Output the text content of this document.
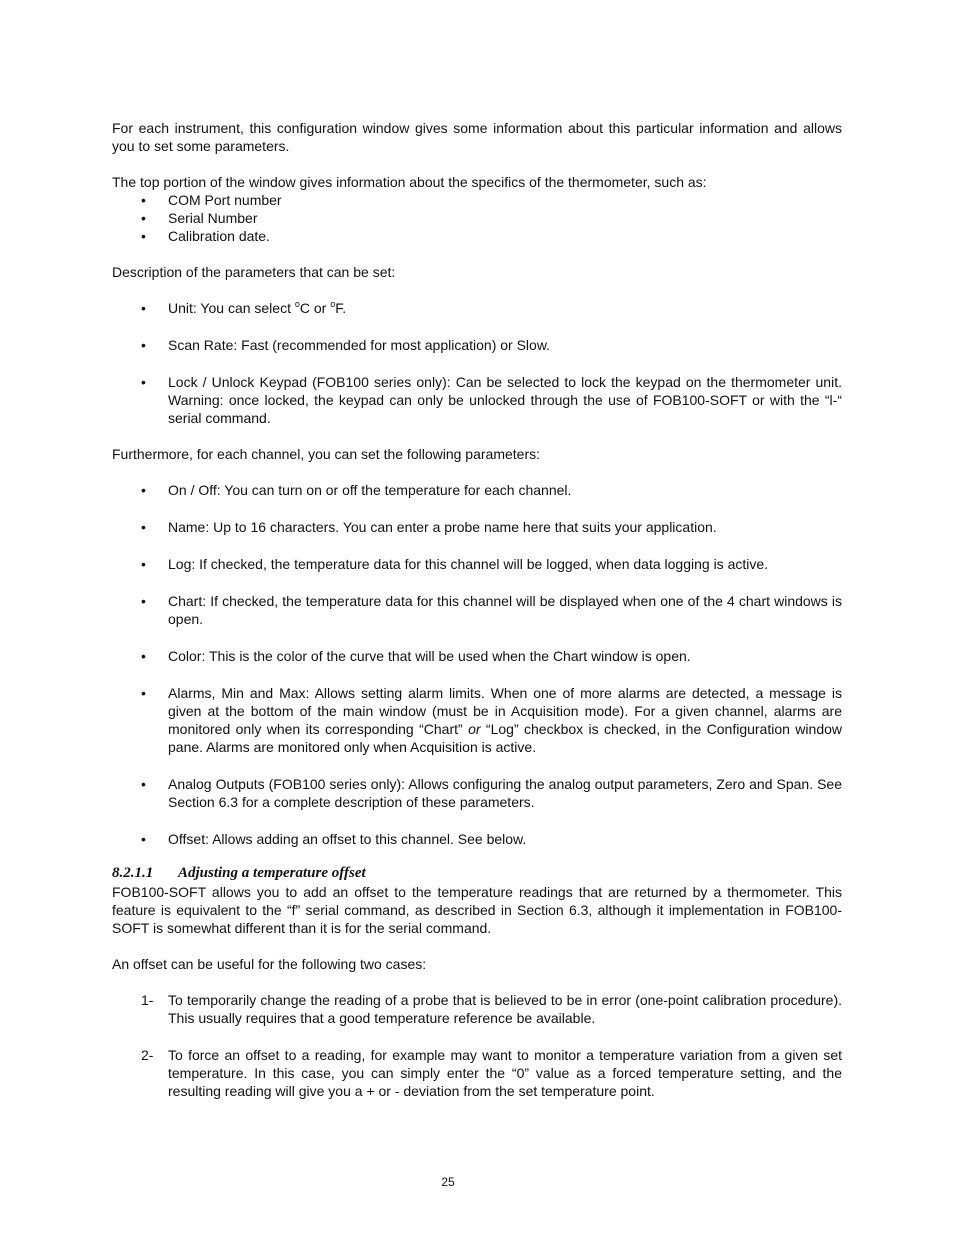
For each instrument, this configuration window gives some information about this particular information and allows you to set some parameters.

The top portion of the window gives information about the specifics of the thermometer, such as:

• COM Port number
• Serial Number
• Calibration date.

Description of the parameters that can be set:

• Unit: You can select $^o$C or $^o$F.
• Scan Rate: Fast (recommended for most application) or Slow.
• Lock / Unlock Keypad (FOB100 series only): Can be selected to lock the keypad on the thermometer unit. Warning: once locked, the keypad can only be unlocked through the use of FOB100-SOFT or with the “l-“ serial command.

Furthermore, for each channel, you can set the following parameters:

• On / Off: You can turn on or off the temperature for each channel.
• Name: Up to 16 characters. You can enter a probe name here that suits your application.
• Log: If checked, the temperature data for this channel will be logged, when data logging is active.
• Chart: If checked, the temperature data for this channel will be displayed when one of the 4 chart windows is open.
• Color: This is the color of the curve that will be used when the Chart window is open.
• Alarms, Min and Max: Allows setting alarm limits. When one of more alarms are detected, a message is given at the bottom of the main window (must be in Acquisition mode). For a given channel, alarms are monitored only when its corresponding “Chart” or “Log” checkbox is checked, in the Configuration window pane. Alarms are monitored only when Acquisition is active.
• Analog Outputs (FOB100 series only): Allows configuring the analog output parameters, Zero and Span. See Section 6.3 for a complete description of these parameters.
• Offset: Allows adding an offset to this channel. See below.
8.2.1.1 Adjusting a temperature offset

FOB100-SOFT allows you to add an offset to the temperature readings that are returned by a thermometer. This feature is equivalent to the “f” serial command, as described in Section 6.3, although it implementation in FOB100-SOFT is somewhat different than it is for the serial command.

An offset can be useful for the following two cases:

1- To temporarily change the reading of a probe that is believed to be in error (one-point calibration procedure). This usually requires that a good temperature reference be available.
2- To force an offset to a reading, for example may want to monitor a temperature variation from a given set temperature. In this case, you can simply enter the “0” value as a forced temperature setting, and the resulting reading will give you a + or - deviation from the set temperature point.
25
